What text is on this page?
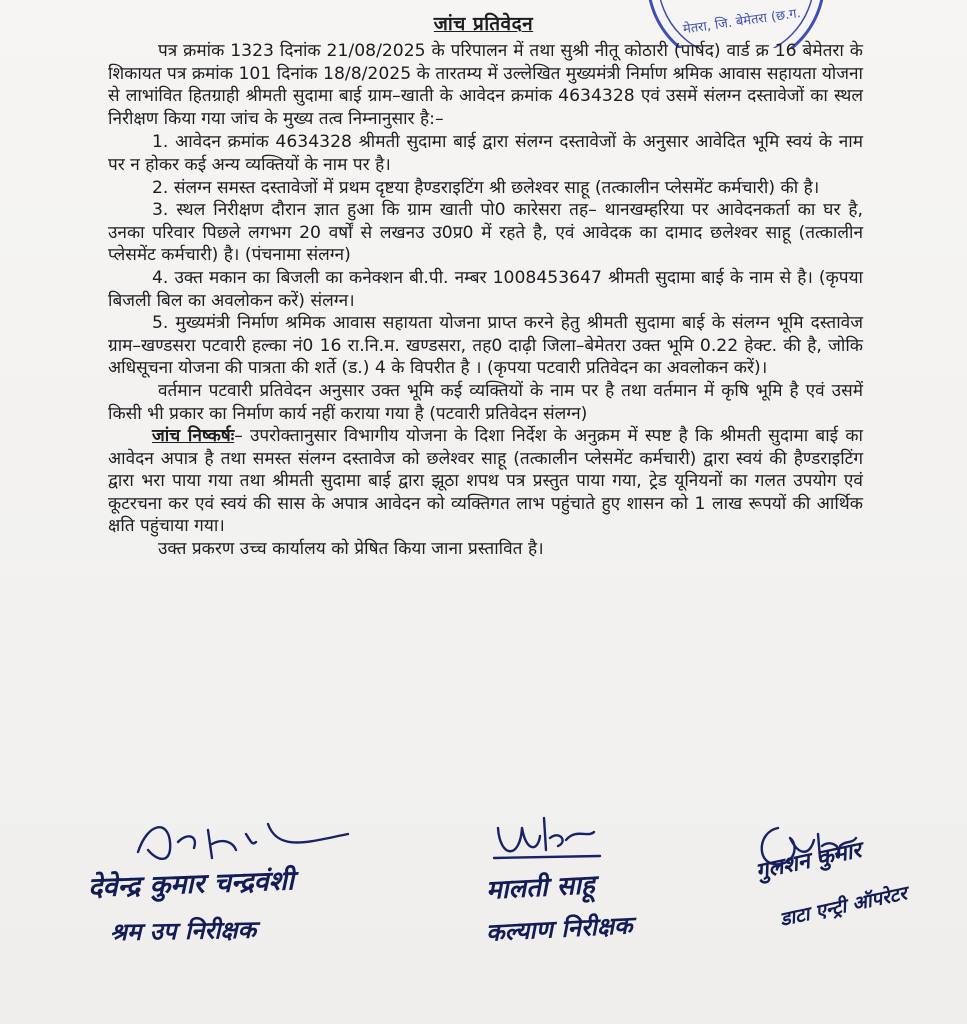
मेतरा, जि. बेमेतरा (छ.ग.
जांच प्रतिवेदन

पत्र क्रमांक 1323 दिनांक 21/08/2025 के परिपालन में तथा सुश्री नीतू कोठारी (पार्षद) वार्ड क्र 16 बेमेतरा के शिकायत पत्र क्रमांक 101 दिनांक 18/8/2025 के तारतम्य में उल्लेखित मुख्यमंत्री निर्माण श्रमिक आवास सहायता योजना से लाभांवित हितग्राही श्रीमती सुदामा बाई ग्राम–खाती के आवेदन क्रमांक 4634328 एवं उसमें संलग्न दस्तावेजों का स्थल निरीक्षण किया गया जांच के मुख्य तत्व निम्नानुसार है:–

1. आवेदन क्रमांक 4634328 श्रीमती सुदामा बाई द्वारा संलग्न दस्तावेजों के अनुसार आवेदित भूमि स्वयं के नाम पर न होकर कई अन्य व्यक्तियों के नाम पर है।

2. संलग्न समस्त दस्तावेजों में प्रथम दृष्टया हैण्डराइटिंग श्री छलेश्वर साहू (तत्कालीन प्लेसमेंट कर्मचारी) की है।

3. स्थल निरीक्षण दौरान ज्ञात हुआ कि ग्राम खाती पो0 कारेसरा तह– थानखम्हरिया पर आवेदनकर्ता का घर है, उनका परिवार पिछले लगभग 20 वर्षों से लखनउ उ0प्र0 में रहते है, एवं आवेदक का दामाद छलेश्वर साहू (तत्कालीन प्लेसमेंट कर्मचारी) है। (पंचनामा संलग्न)

4. उक्त मकान का बिजली का कनेक्शन बी.पी. नम्बर 1008453647 श्रीमती सुदामा बाई के नाम से है। (कृपया बिजली बिल का अवलोकन करें) संलग्न।

5. मुख्यमंत्री निर्माण श्रमिक आवास सहायता योजना प्राप्त करने हेतु श्रीमती सुदामा बाई के संलग्न भूमि दस्तावेज ग्राम–खण्डसरा पटवारी हल्का नं0 16 रा.नि.म. खण्डसरा, तह0 दाढ़ी जिला–बेमेतरा उक्त भूमि 0.22 हेक्ट. की है, जोकि अधिसूचना योजना की पात्रता की शर्ते (ड.) 4 के विपरीत है । (कृपया पटवारी प्रतिवेदन का अवलोकन करें)।

वर्तमान पटवारी प्रतिवेदन अनुसार उक्त भूमि कई व्यक्तियों के नाम पर है तथा वर्तमान में कृषि भूमि है एवं उसमें किसी भी प्रकार का निर्माण कार्य नहीं कराया गया है (पटवारी प्रतिवेदन संलग्न)

जांच निष्कर्षः– उपरोक्तानुसार विभागीय योजना के दिशा निर्देश के अनुक्रम में स्पष्ट है कि श्रीमती सुदामा बाई का आवेदन अपात्र है तथा समस्त संलग्न दस्तावेज को छलेश्वर साहू (तत्कालीन प्लेसमेंट कर्मचारी) द्वारा स्वयं की हैण्डराइटिंग द्वारा भरा पाया गया तथा श्रीमती सुदामा बाई द्वारा झूठा शपथ पत्र प्रस्तुत पाया गया, ट्रेड यूनियनों का गलत उपयोग एवं कूटरचना कर एवं स्वयं की सास के अपात्र आवेदन को व्यक्तिगत लाभ पहुंचाते हुए शासन को 1 लाख रूपयों की आर्थिक क्षति पहुंचाया गया।

उक्त प्रकरण उच्च कार्यालय को प्रेषित किया जाना प्रस्तावित है।

देवेन्द्र कुमार चन्द्रवंशी
श्रम उप निरीक्षक
मालती साहू
कल्याण निरीक्षक
गुलशन कुमार
डाटा एन्ट्री ऑपरेटर
